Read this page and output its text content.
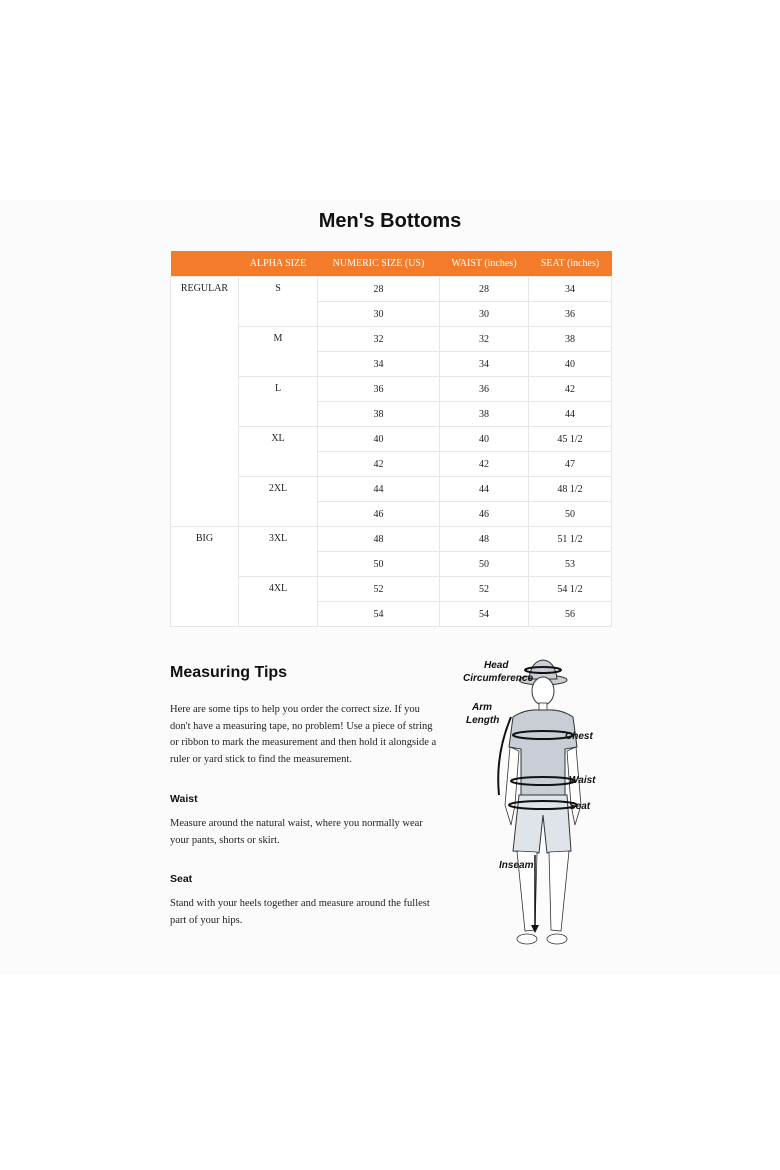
Men's Bottoms
	ALPHA SIZE	NUMERIC SIZE (US)	WAIST (inches)	SEAT (inches)
REGULAR	S	28	28	34
		30	30	36
	M	32	32	38
		34	34	40
	L	36	36	42
		38	38	44
	XL	40	40	45 1/2
		42	42	47
	2XL	44	44	48 1/2
		46	46	50
BIG	3XL	48	48	51 1/2
		50	50	53
	4XL	52	52	54 1/2
		54	54	56
Measuring Tips
Here are some tips to help you order the correct size. If you don't have a measuring tape, no problem! Use a piece of string or ribbon to mark the measurement and then hold it alongside a ruler or yard stick to find the measurement.
Waist
Measure around the natural waist, where you normally wear your pants, shorts or skirt.
Seat
Stand with your heels together and measure around the fullest part of your hips.
Head
Circumference
Arm
Length
Chest
Waist
Seat
Inseam
